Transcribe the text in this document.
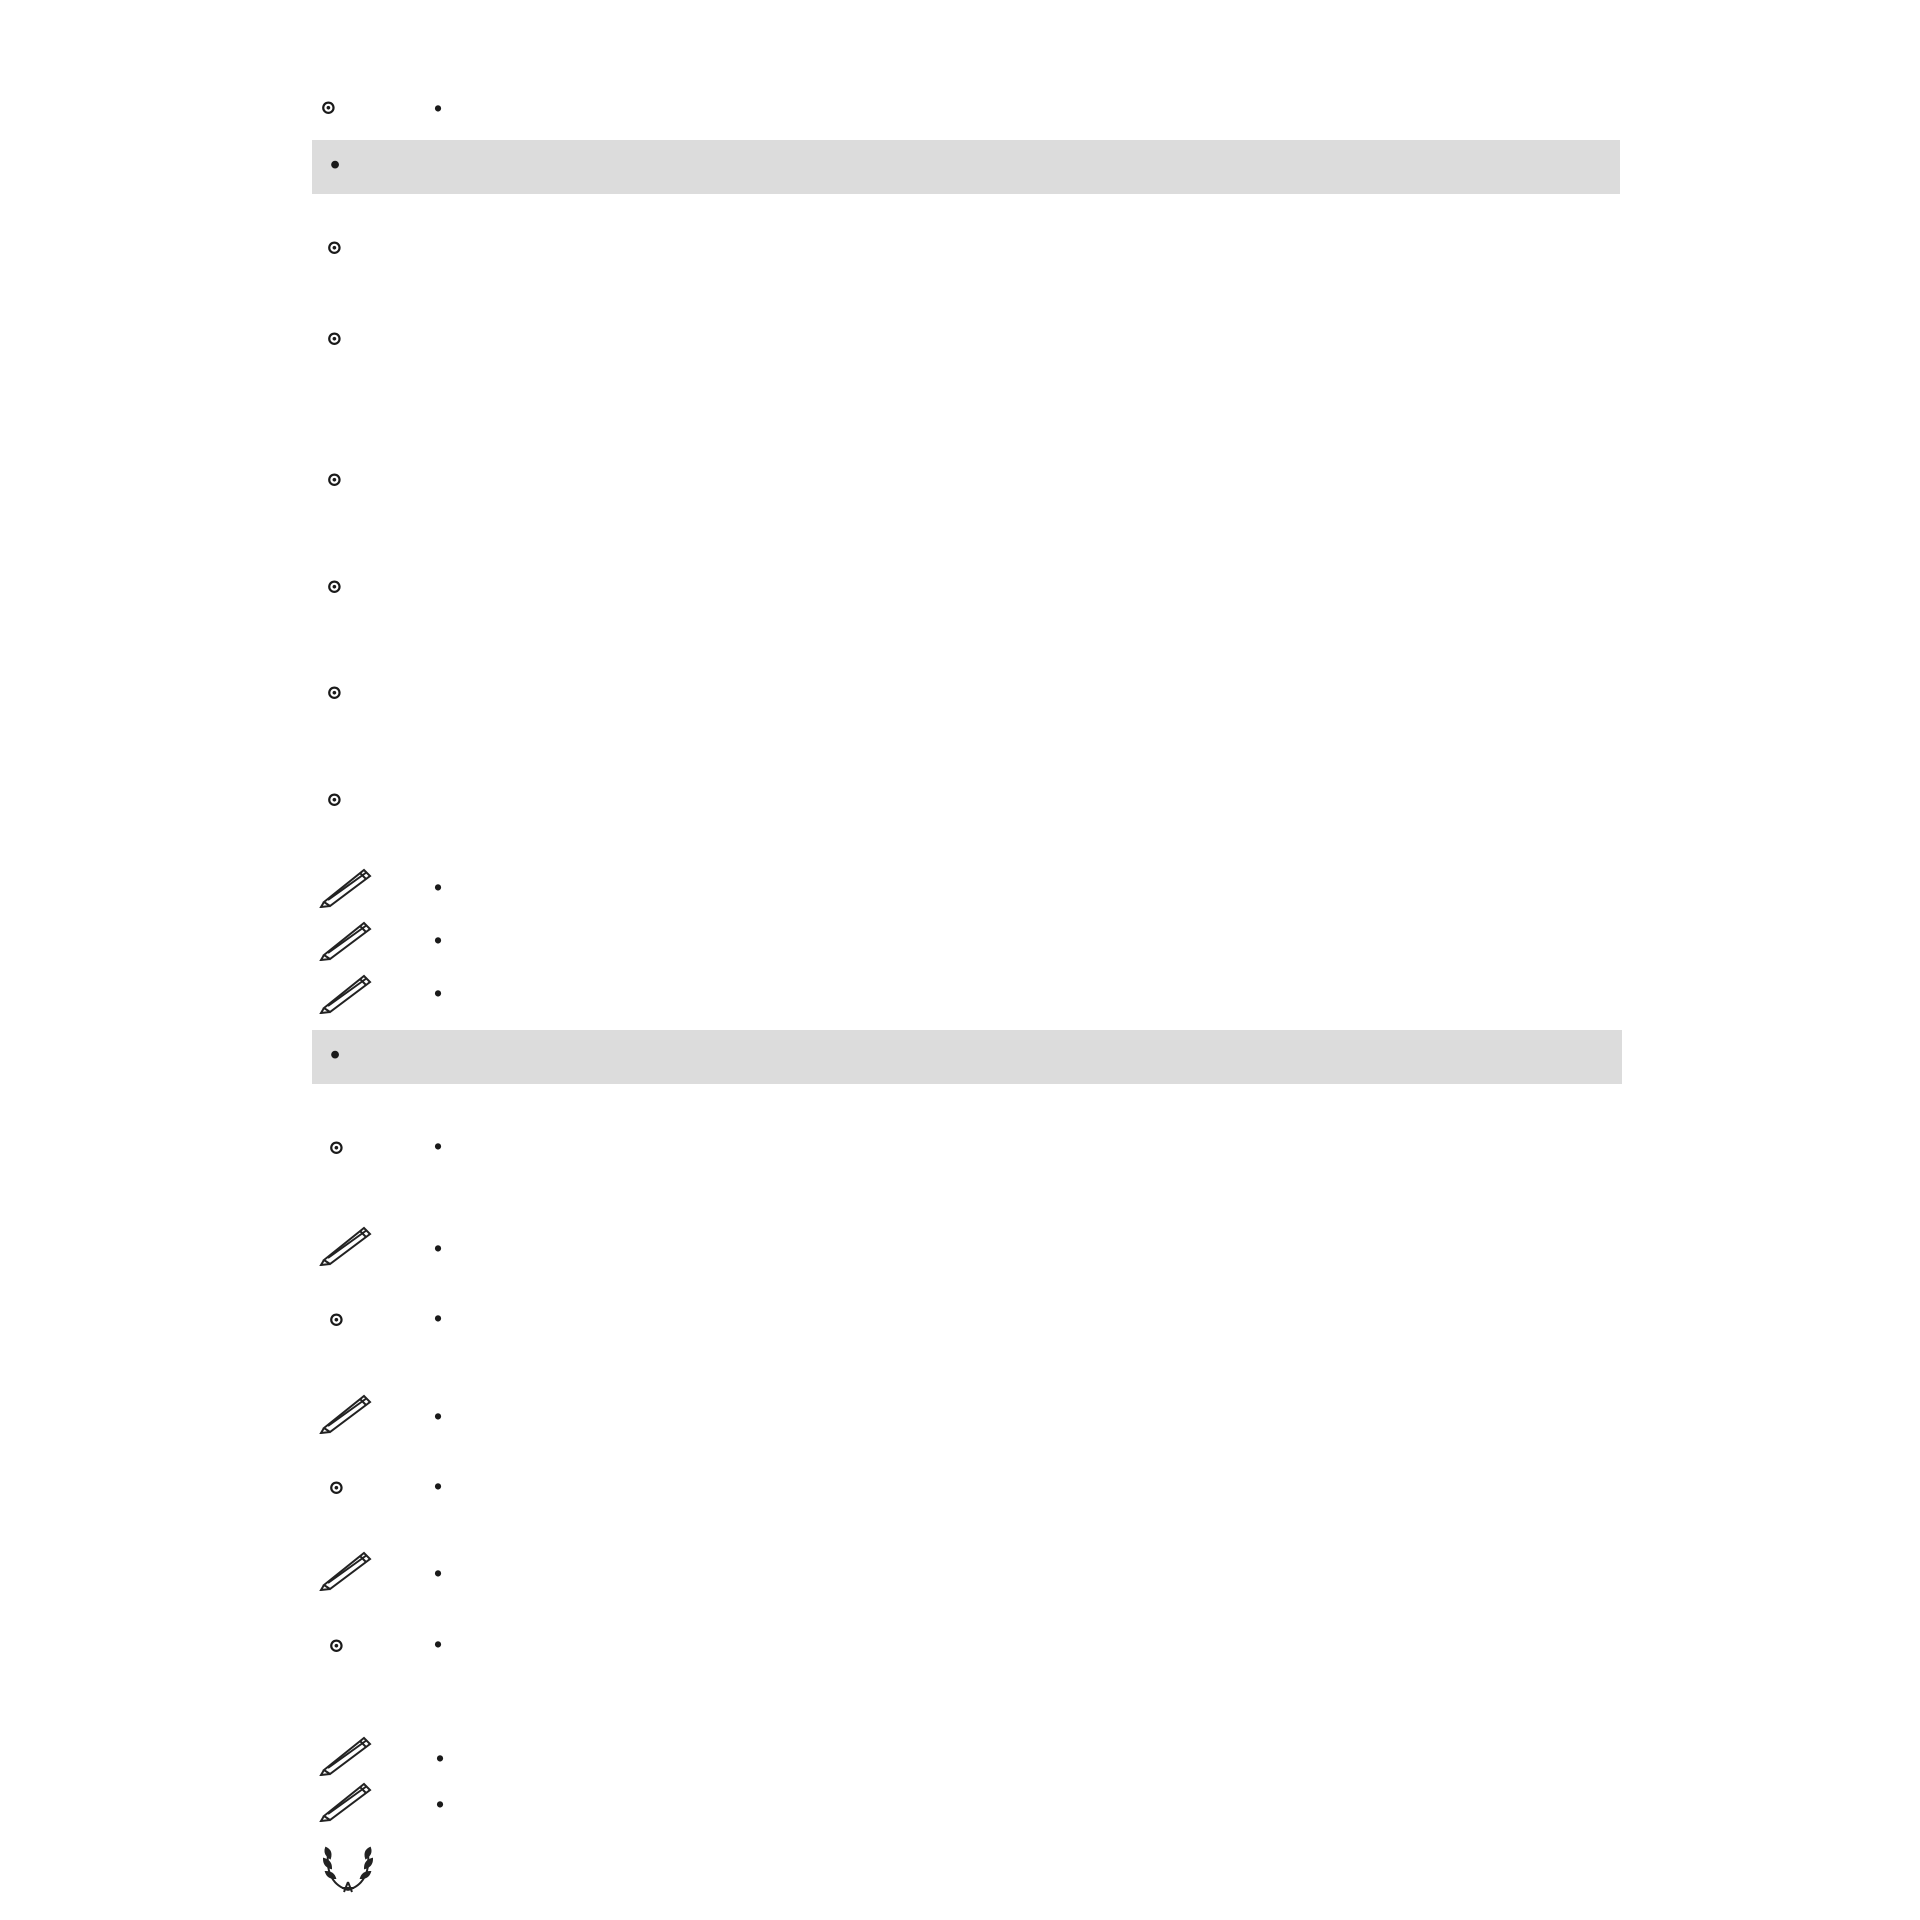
⊙	•
•
⊙
⊙
⊙
⊙
⊙
⊙
•
•
•
•
⊙	•
•
⊙	•
•
⊙	•
•
⊙	•
•
•
